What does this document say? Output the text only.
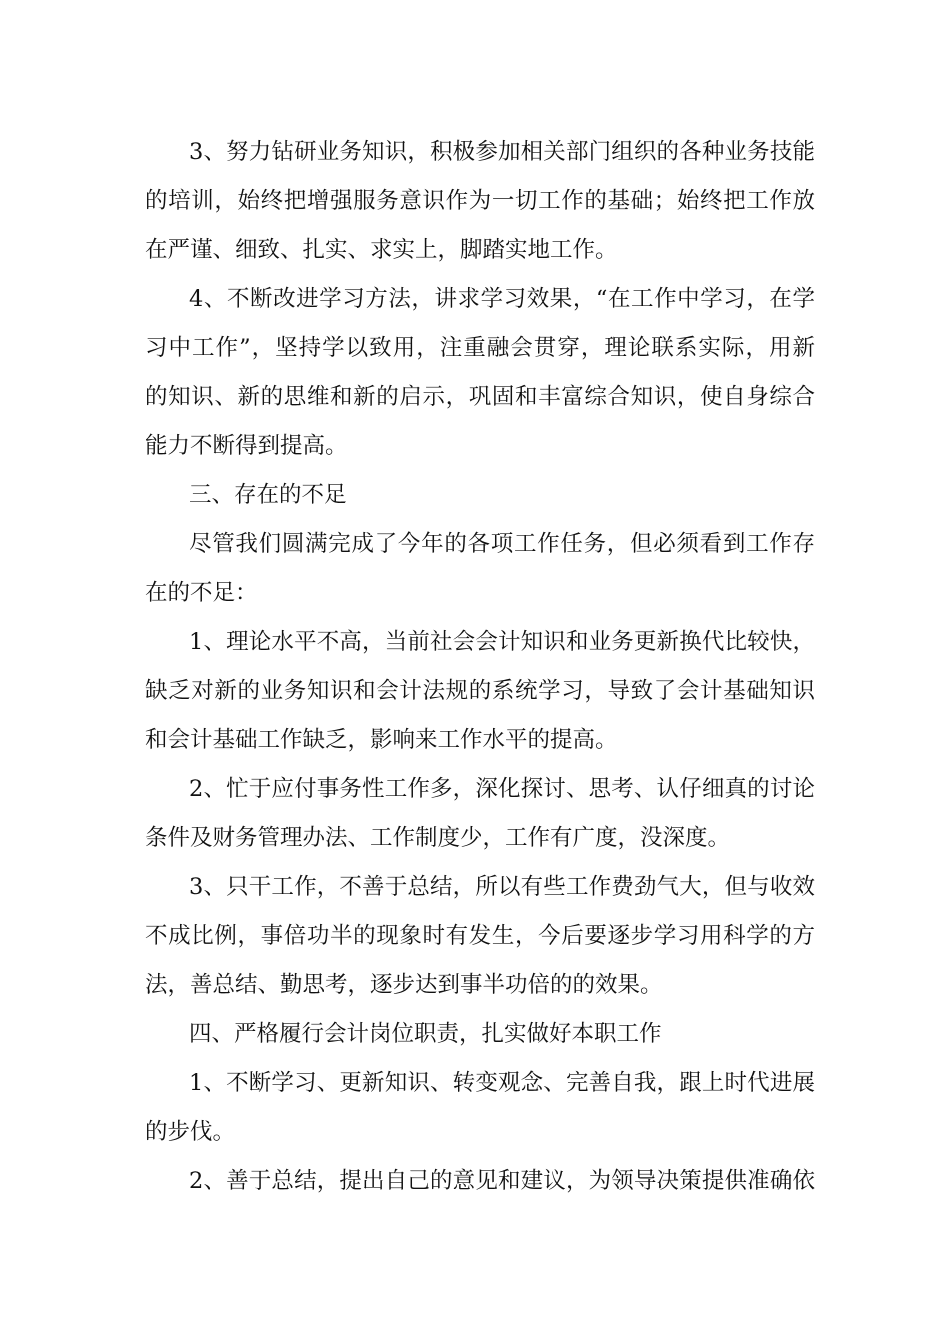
3、努力钻研业务知识，积极参加相关部门组织的各种业务技能
的培训，始终把增强服务意识作为一切工作的基础；始终把工作放
在严谨、细致、扎实、求实上，脚踏实地工作。
4、不断改进学习方法，讲求学习效果，“在工作中学习，在学
习中工作”，坚持学以致用，注重融会贯穿，理论联系实际，用新
的知识、新的思维和新的启示，巩固和丰富综合知识，使自身综合
能力不断得到提高。
三、存在的不足
尽管我们圆满完成了今年的各项工作任务，但必须看到工作存
在的不足：
1、理论水平不高，当前社会会计知识和业务更新换代比较快，
缺乏对新的业务知识和会计法规的系统学习，导致了会计基础知识
和会计基础工作缺乏，影响来工作水平的提高。
2、忙于应付事务性工作多，深化探讨、思考、认仔细真的讨论
条件及财务管理办法、工作制度少，工作有广度，没深度。
3、只干工作，不善于总结，所以有些工作费劲气大，但与收效
不成比例，事倍功半的现象时有发生，今后要逐步学习用科学的方
法，善总结、勤思考，逐步达到事半功倍的的效果。
四、严格履行会计岗位职责，扎实做好本职工作
1、不断学习、更新知识、转变观念、完善自我，跟上时代进展
的步伐。
2、善于总结，提出自己的意见和建议，为领导决策提供准确依
